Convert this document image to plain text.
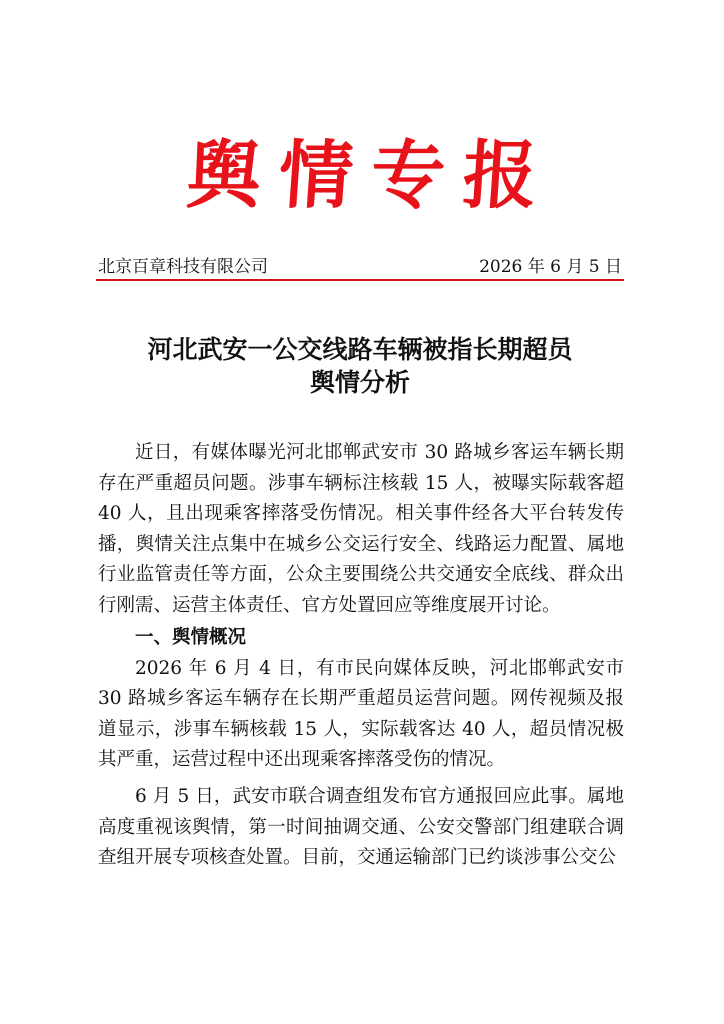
舆情专报
北京百章科技有限公司	2026 年 6 月 5 日
河北武安一公交线路车辆被指长期超员
舆情分析

近日，有媒体曝光河北邯郸武安市 30 路城乡客运车辆长期存在严重超员问题。涉事车辆标注核载 15 人，被曝实际载客超 40 人，且出现乘客摔落受伤情况。相关事件经各大平台转发传播，舆情关注点集中在城乡公交运行安全、线路运力配置、属地行业监管责任等方面，公众主要围绕公共交通安全底线、群众出行刚需、运营主体责任、官方处置回应等维度展开讨论。

一、舆情概况

2026 年 6 月 4 日，有市民向媒体反映，河北邯郸武安市 30 路城乡客运车辆存在长期严重超员运营问题。网传视频及报道显示，涉事车辆核载 15 人，实际载客达 40 人，超员情况极其严重，运营过程中还出现乘客摔落受伤的情况。

6 月 5 日，武安市联合调查组发布官方通报回应此事。属地高度重视该舆情，第一时间抽调交通、公安交警部门组建联合调查组开展专项核查处置。目前，交通运输部门已约谈涉事公交公
